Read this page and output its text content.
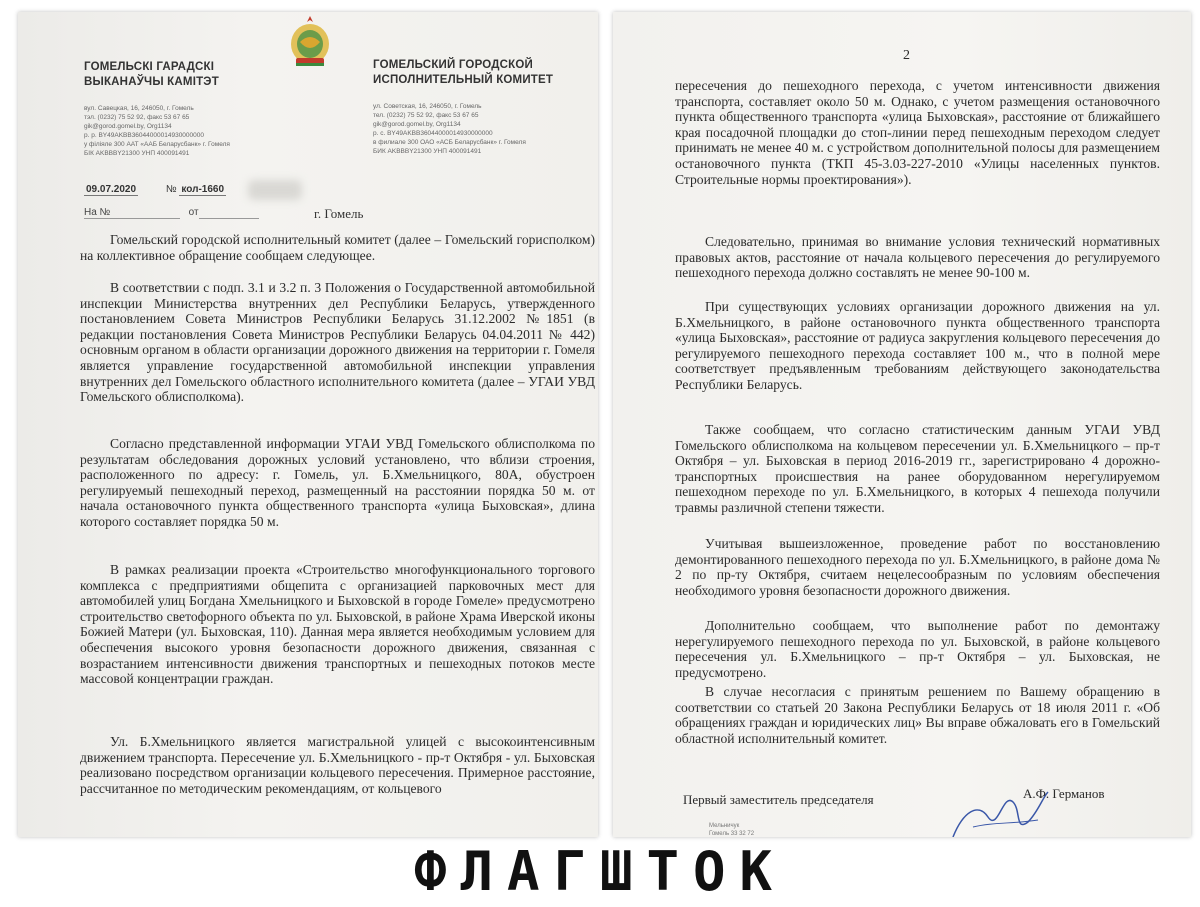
ГОМЕЛЬСКІ ГАРАДСКІ
ВЫКАНАЎЧЫ КАМІТЭТ
вул. Савецкая, 16, 246050, г. Гомель
тэл. (0232) 75 52 92, факс 53 67 65
gik@gorod.gomel.by, Org1134
р. р. BY49AKBB36044000014930000000
у філіяле 300 ААТ «ААБ Беларусбанк» г. Гомеля
БІК AKBBBY21300 УНП 400091491
ГОМЕЛЬСКИЙ ГОРОДСКОЙ
ИСПОЛНИТЕЛЬНЫЙ КОМИТЕТ
ул. Советская, 16, 246050, г. Гомель
тел. (0232) 75 52 92, факс 53 67 65
gik@gorod.gomel.by, Org1134
р. с. BY49AKBB36044000014930000000
в филиале 300 ОАО «АСБ Беларусбанк» г. Гомеля
БИК AKBBBY21300 УНП 400091491
09.07.2020	№ кол-1660
На №	от	г. Гомель
Гомельский городской исполнительный комитет (далее – Гомельский горисполком) на коллективное обращение сообщаем следующее.
В соответствии с подп. 3.1 и 3.2 п. 3 Положения о Государственной автомобильной инспекции Министерства внутренних дел Республики Беларусь, утвержденного постановлением Совета Министров Республики Беларусь 31.12.2002 №1851 (в редакции постановления Совета Министров Республики Беларусь 04.04.2011 № 442) основным органом в области организации дорожного движения на территории г. Гомеля является управление государственной автомобильной инспекции управления внутренних дел Гомельского областного исполнительного комитета (далее – УГАИ УВД Гомельского облисполкома).
Согласно представленной информации УГАИ УВД Гомельского облисполкома по результатам обследования дорожных условий установлено, что вблизи строения, расположенного по адресу: г. Гомель, ул. Б.Хмельницкого, 80А, обустроен регулируемый пешеходный переход, размещенный на расстоянии порядка 50 м. от начала остановочного пункта общественного транспорта «улица Быховская», длина которого составляет порядка 50 м.
В рамках реализации проекта «Строительство многофункционального торгового комплекса с предприятиями общепита с организацией парковочных мест для автомобилей улиц Богдана Хмельницкого и Быховской в городе Гомеле» предусмотрено строительство светофорного объекта по ул. Быховской, в районе Храма Иверской иконы Божией Матери (ул. Быховская, 110). Данная мера является необходимым условием для обеспечения высокого уровня безопасности дорожного движения, связанная с возрастанием интенсивности движения транспортных и пешеходных потоков месте массовой концентрации граждан.
Ул. Б.Хмельницкого является магистральной улицей с высокоинтенсивным движением транспорта. Пересечение ул. Б.Хмельницкого - пр-т Октября - ул. Быховская реализовано посредством организации кольцевого пересечения. Примерное расстояние, рассчитанное по методическим рекомендациям, от кольцевого
2
пересечения до пешеходного перехода, с учетом интенсивности движения транспорта, составляет около 50 м. Однако, с учетом размещения остановочного пункта общественного транспорта «улица Быховская», расстояние от ближайшего края посадочной площадки до стоп-линии перед пешеходным переходом следует принимать не менее 40 м. с устройством дополнительной полосы для размещением остановочного пункта (ТКП 45-3.03-227-2010 «Улицы населенных пунктов. Строительные нормы проектирования»).
Следовательно, принимая во внимание условия технический нормативных правовых актов, расстояние от начала кольцевого пересечения до регулируемого пешеходного перехода должно составлять не менее 90-100 м.
При существующих условиях организации дорожного движения на ул. Б.Хмельницкого, в районе остановочного пункта общественного транспорта «улица Быховская», расстояние от радиуса закругления кольцевого пересечения до регулируемого пешеходного перехода составляет 100 м., что в полной мере соответствует предъявленным требованиям действующего законодательства Республики Беларусь.
Также сообщаем, что согласно статистическим данным УГАИ УВД Гомельского облисполкома на кольцевом пересечении ул. Б.Хмельницкого – пр-т Октября – ул. Быховская в период 2016-2019 гг., зарегистрировано 4 дорожно-транспортных происшествия на ранее оборудованном нерегулируемом пешеходном переходе по ул. Б.Хмельницкого, в которых 4 пешехода получили травмы различной степени тяжести.
Учитывая вышеизложенное, проведение работ по восстановлению демонтированного пешеходного перехода по ул. Б.Хмельницкого, в районе дома № 2 по пр-ту Октября, считаем нецелесообразным по условиям обеспечения необходимого уровня безопасности дорожного движения.
Дополнительно сообщаем, что выполнение работ по демонтажу нерегулируемого пешеходного перехода по ул. Быховской, в районе кольцевого пересечения ул. Б.Хмельницкого – пр-т Октября – ул. Быховская, не предусмотрено.
В случае несогласия с принятым решением по Вашему обращению в соответствии со статьей 20 Закона Республики Беларусь от 18 июля 2011 г. «Об обращениях граждан и юридических лиц» Вы вправе обжаловать его в Гомельский областной исполнительный комитет.
Первый заместитель председателя	А.Ф. Германов
Мельничук
Гомель 33 32 72
ФЛАГШТОК
